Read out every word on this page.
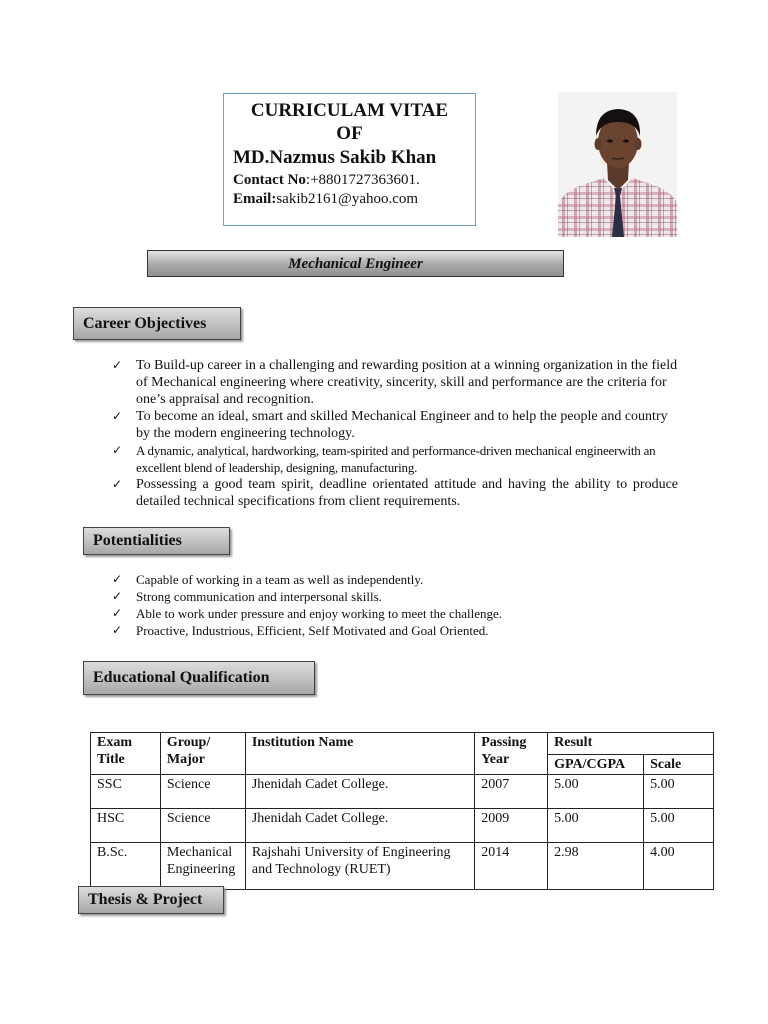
CURRICULAM VITAE
OF
MD.Nazmus Sakib Khan
Contact No:+8801727363601.
Email:sakib2161@yahoo.com
Mechanical Engineer
Career Objectives
✓ To Build-up career in a challenging and rewarding position at a winning organization in the field of Mechanical engineering where creativity, sincerity, skill and performance are the criteria for one’s appraisal and recognition.
✓ To become an ideal, smart and skilled Mechanical Engineer and to help the people and country by the modern engineering technology.
✓ A dynamic, analytical, hardworking, team-spirited and performance-driven mechanical engineerwith an excellent blend of leadership, designing, manufacturing.
✓ Possessing a good team spirit, deadline orientated attitude and having the ability to produce detailed technical specifications from client requirements.
Potentialities
✓ Capable of working in a team as well as independently.
✓ Strong communication and interpersonal skills.
✓ Able to work under pressure and enjoy working to meet the challenge.
✓ Proactive, Industrious, Efficient, Self Motivated and Goal Oriented.
Educational Qualification
Exam Title	Group/ Major	Institution Name	Passing Year	Result	
				GPA/CGPA	Scale
SSC	Science	Jhenidah Cadet College.	2007	5.00	5.00
HSC	Science	Jhenidah Cadet College.	2009	5.00	5.00
B.Sc.	Mechanical Engineering	Rajshahi University of Engineering and Technology (RUET)	2014	2.98	4.00
Thesis & Project
